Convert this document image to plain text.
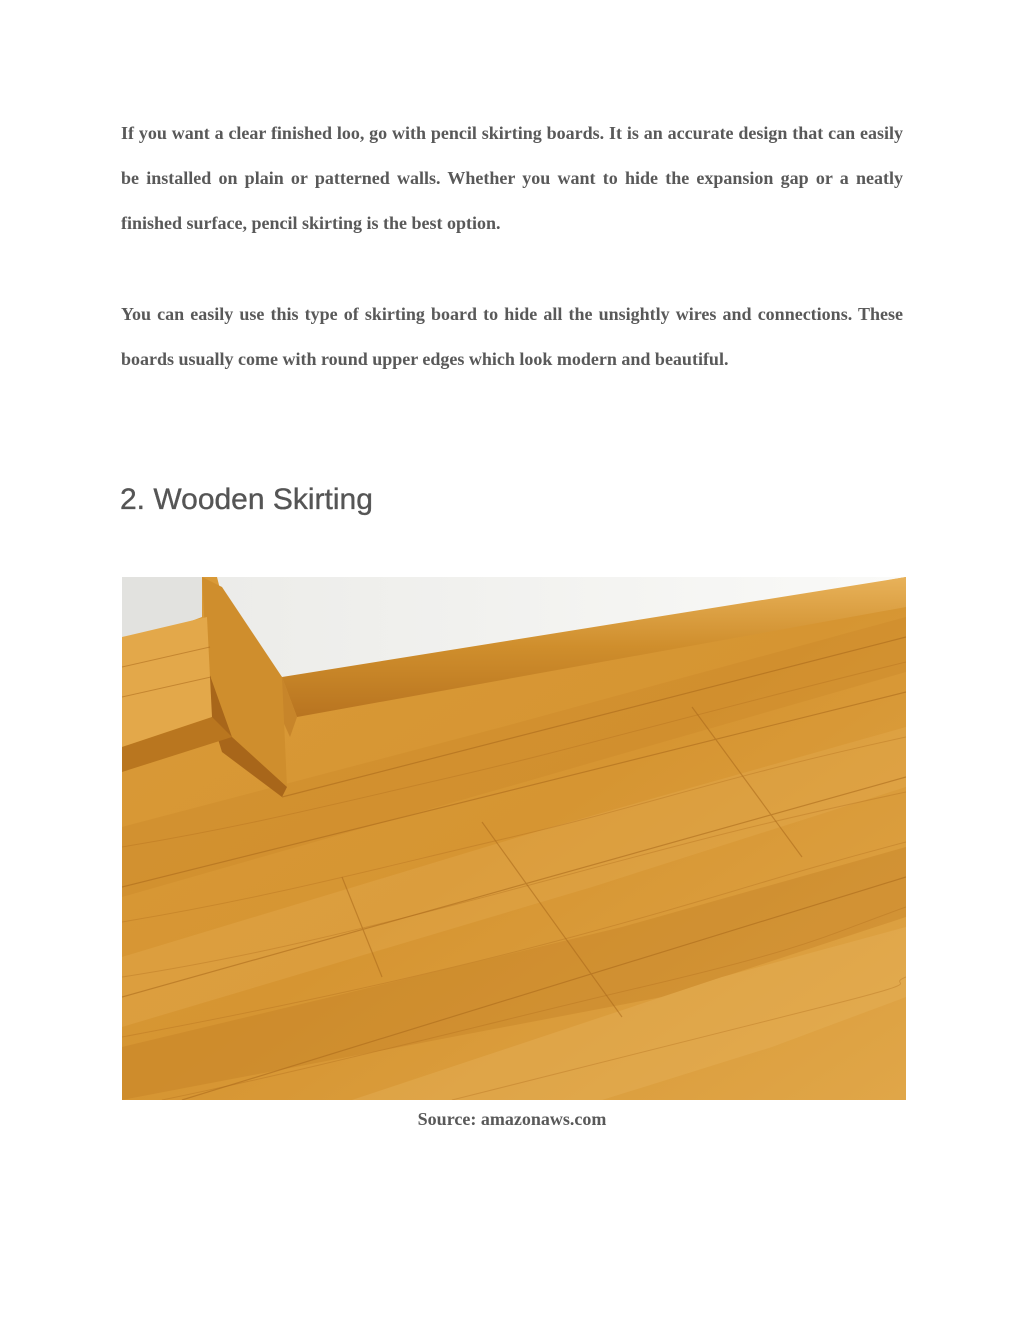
If you want a clear finished loo, go with pencil skirting boards. It is an accurate design that can easily be installed on plain or patterned walls. Whether you want to hide the expansion gap or a neatly finished surface, pencil skirting is the best option.

You can easily use this type of skirting board to hide all the unsightly wires and connections. These boards usually come with round upper edges which look modern and beautiful.

2. Wooden Skirting

Source: amazonaws.com
